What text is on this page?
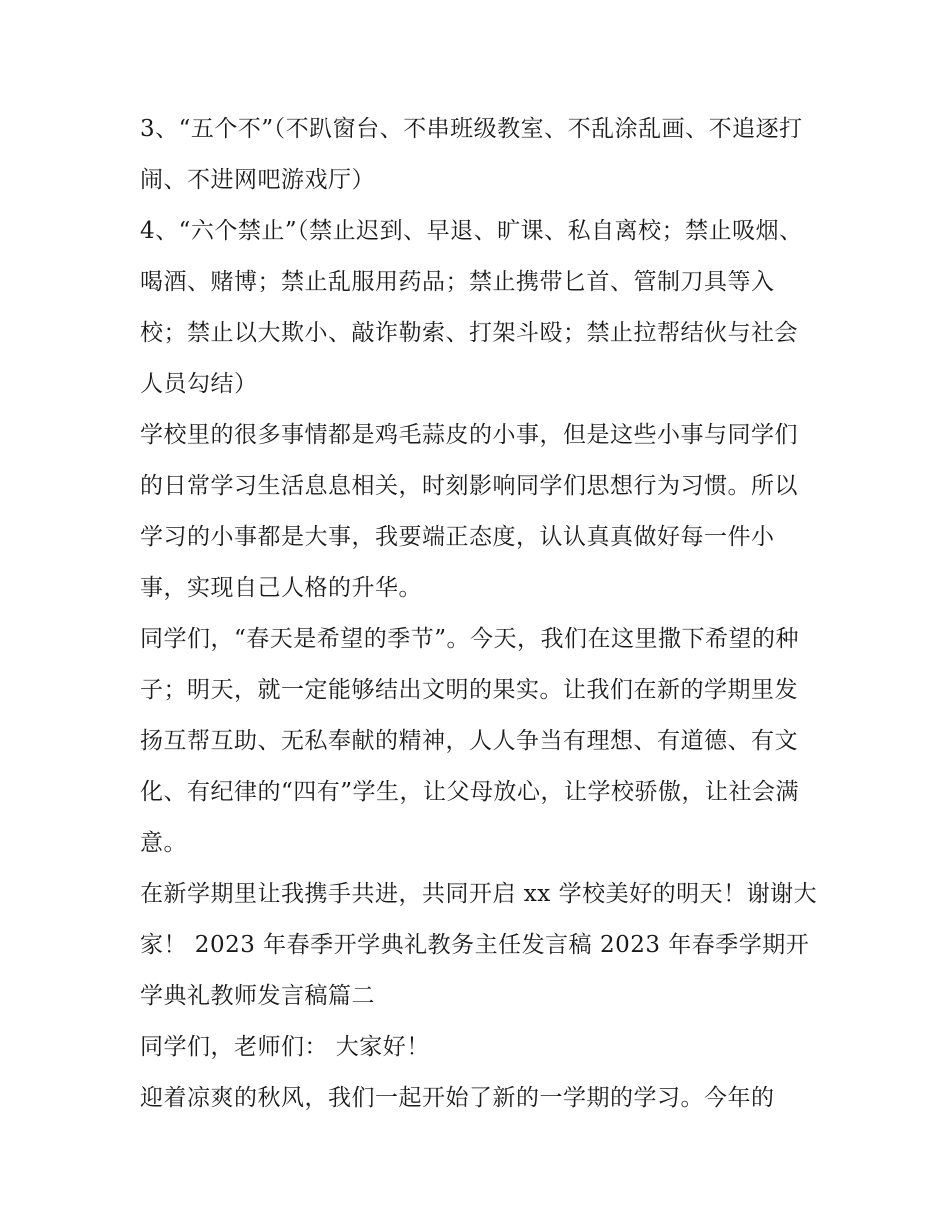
3、“五个不”（不趴窗台、不串班级教室、不乱涂乱画、不追逐打闹、不进网吧游戏厅）

4、“六个禁止”（禁止迟到、早退、旷课、私自离校；禁止吸烟、喝酒、赌博；禁止乱服用药品；禁止携带匕首、管制刀具等入校；禁止以大欺小、敲诈勒索、打架斗殴；禁止拉帮结伙与社会人员勾结）

学校里的很多事情都是鸡毛蒜皮的小事，但是这些小事与同学们的日常学习生活息息相关，时刻影响同学们思想行为习惯。所以学习的小事都是大事，我要端正态度，认认真真做好每一件小事，实现自己人格的升华。

同学们，“春天是希望的季节”。今天，我们在这里撒下希望的种子；明天，就一定能够结出文明的果实。让我们在新的学期里发扬互帮互助、无私奉献的精神，人人争当有理想、有道德、有文化、有纪律的“四有”学生，让父母放心，让学校骄傲，让社会满意。

在新学期里让我携手共进，共同开启 xx 学校美好的明天！谢谢大家！ 2023 年春季开学典礼教务主任发言稿 2023 年春季学期开学典礼教师发言稿篇二

同学们，老师们： 大家好！

迎着凉爽的秋风，我们一起开始了新的一学期的学习。今年的
